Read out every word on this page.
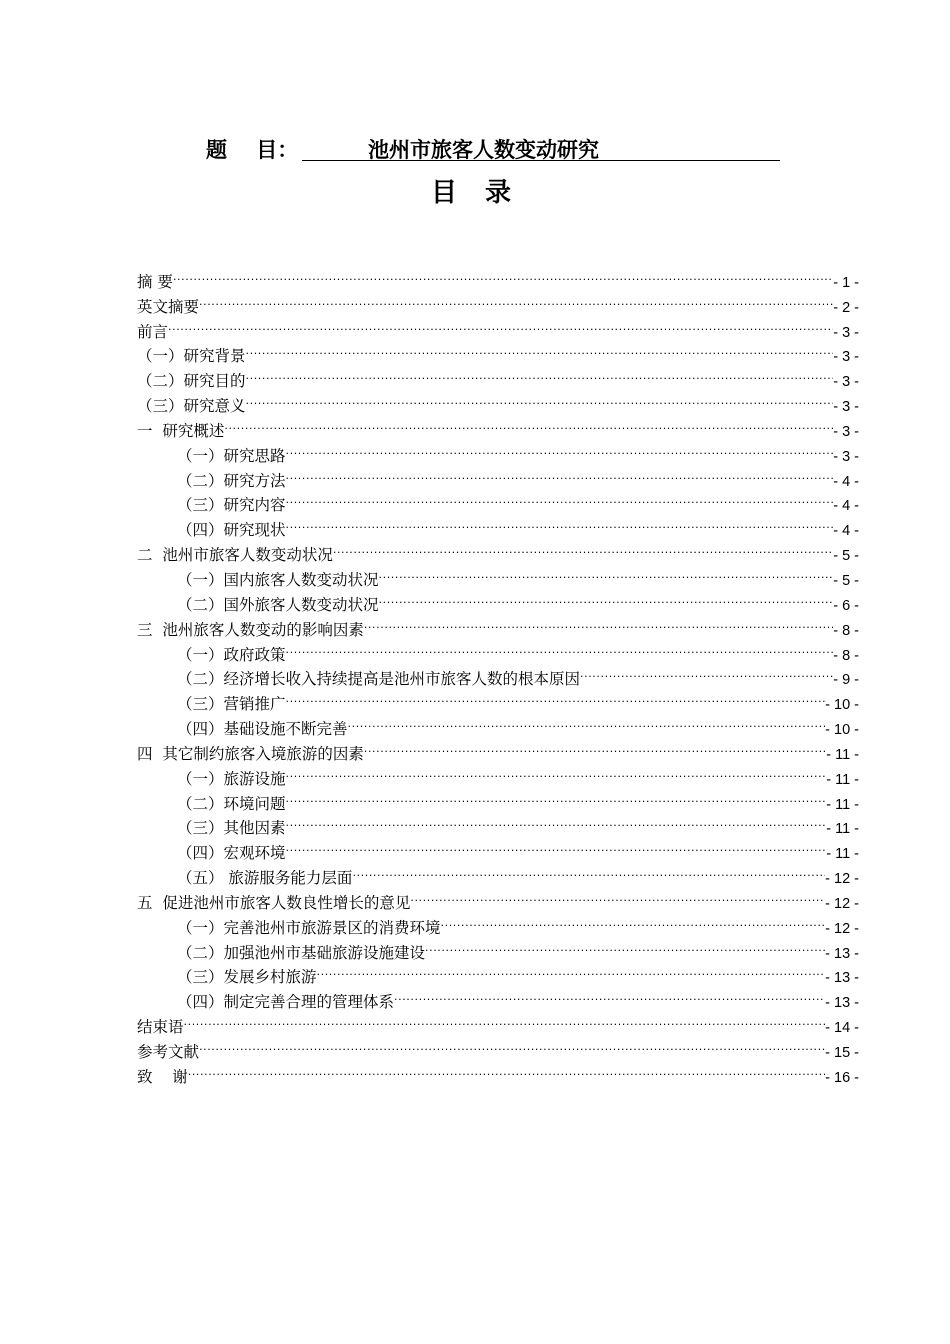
题    目：	池州市旅客人数变动研究
目录
摘 要 .....	- 1 -
英文摘要 .....	- 2 -
前言 .....	- 3 -
（一）研究背景 .....	- 3 -
（二）研究目的 .....	- 3 -
（三）研究意义 .....	- 3 -
一  研究概述 .....	- 3 -
（一）研究思路 .....	- 3 -
（二）研究方法 .....	- 4 -
（三）研究内容 .....	- 4 -
（四）研究现状 .....	- 4 -
二  池州市旅客人数变动状况 .....	- 5 -
（一）国内旅客人数变动状况 .....	- 5 -
（二）国外旅客人数变动状况 .....	- 6 -
三  池州旅客人数变动的影响因素 .....	- 8 -
（一）政府政策 .....	- 8 -
（二）经济增长收入持续提高是池州市旅客人数的根本原因 .....	- 9 -
（三）营销推广 .....	- 10 -
（四）基础设施不断完善 .....	- 10 -
四  其它制约旅客入境旅游的因素 .....	- 11 -
（一）旅游设施 .....	- 11 -
（二）环境问题 .....	- 11 -
（三）其他因素 .....	- 11 -
（四）宏观环境 .....	- 11 -
（五） 旅游服务能力层面 .....	- 12 -
五  促进池州市旅客人数良性增长的意见 .....	- 12 -
（一）完善池州市旅游景区的消费环境 .....	- 12 -
（二）加强池州市基础旅游设施建设 .....	- 13 -
（三）发展乡村旅游 .....	- 13 -
（四）制定完善合理的管理体系 .....	- 13 -
结束语 .....	- 14 -
参考文献 .....	- 15 -
致    谢 .....	- 16 -
